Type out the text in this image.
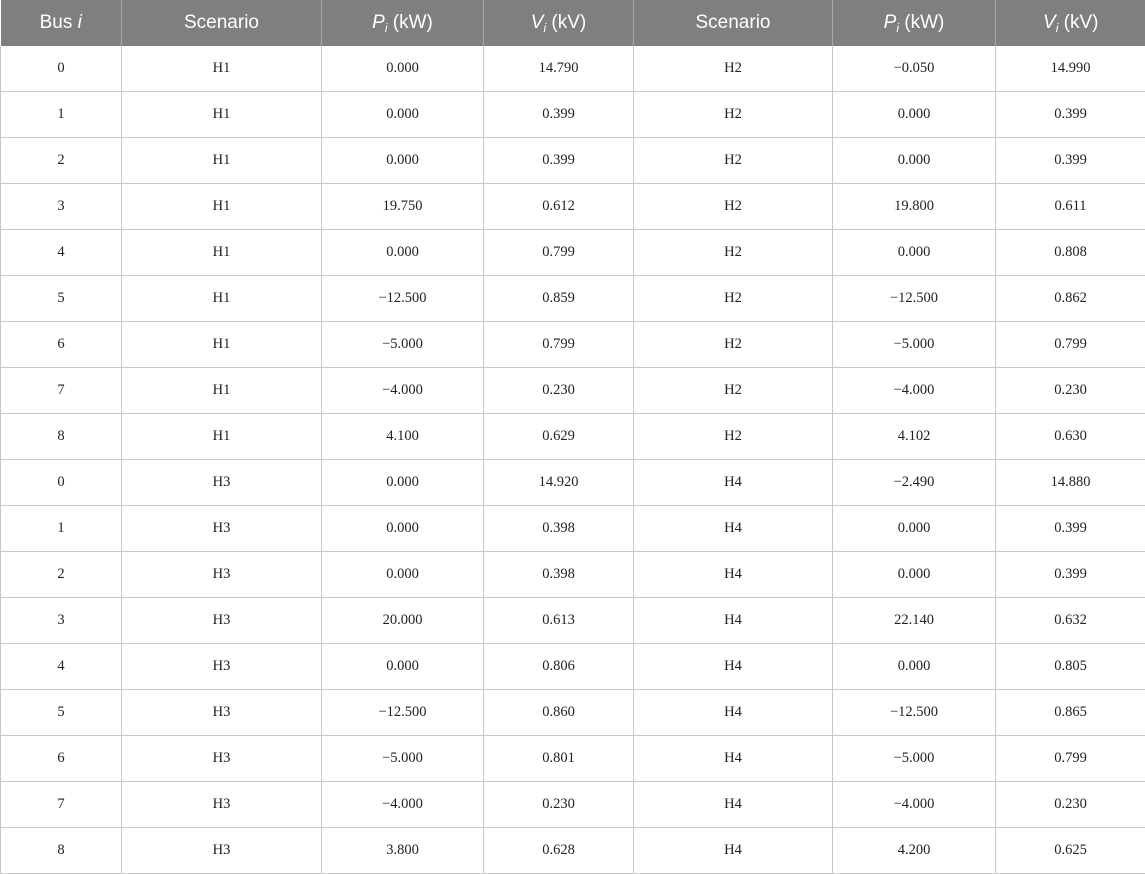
Bus i	Scenario	$P_i$ (kW)	$V_i$ (kV)	Scenario	$P_i$ (kW)	$V_i$ (kV)
0	H1	0.000	14.790	H2	−0.050	14.990
1	H1	0.000	0.399	H2	0.000	0.399
2	H1	0.000	0.399	H2	0.000	0.399
3	H1	19.750	0.612	H2	19.800	0.611
4	H1	0.000	0.799	H2	0.000	0.808
5	H1	−12.500	0.859	H2	−12.500	0.862
6	H1	−5.000	0.799	H2	−5.000	0.799
7	H1	−4.000	0.230	H2	−4.000	0.230
8	H1	4.100	0.629	H2	4.102	0.630
0	H3	0.000	14.920	H4	−2.490	14.880
1	H3	0.000	0.398	H4	0.000	0.399
2	H3	0.000	0.398	H4	0.000	0.399
3	H3	20.000	0.613	H4	22.140	0.632
4	H3	0.000	0.806	H4	0.000	0.805
5	H3	−12.500	0.860	H4	−12.500	0.865
6	H3	−5.000	0.801	H4	−5.000	0.799
7	H3	−4.000	0.230	H4	−4.000	0.230
8	H3	3.800	0.628	H4	4.200	0.625
